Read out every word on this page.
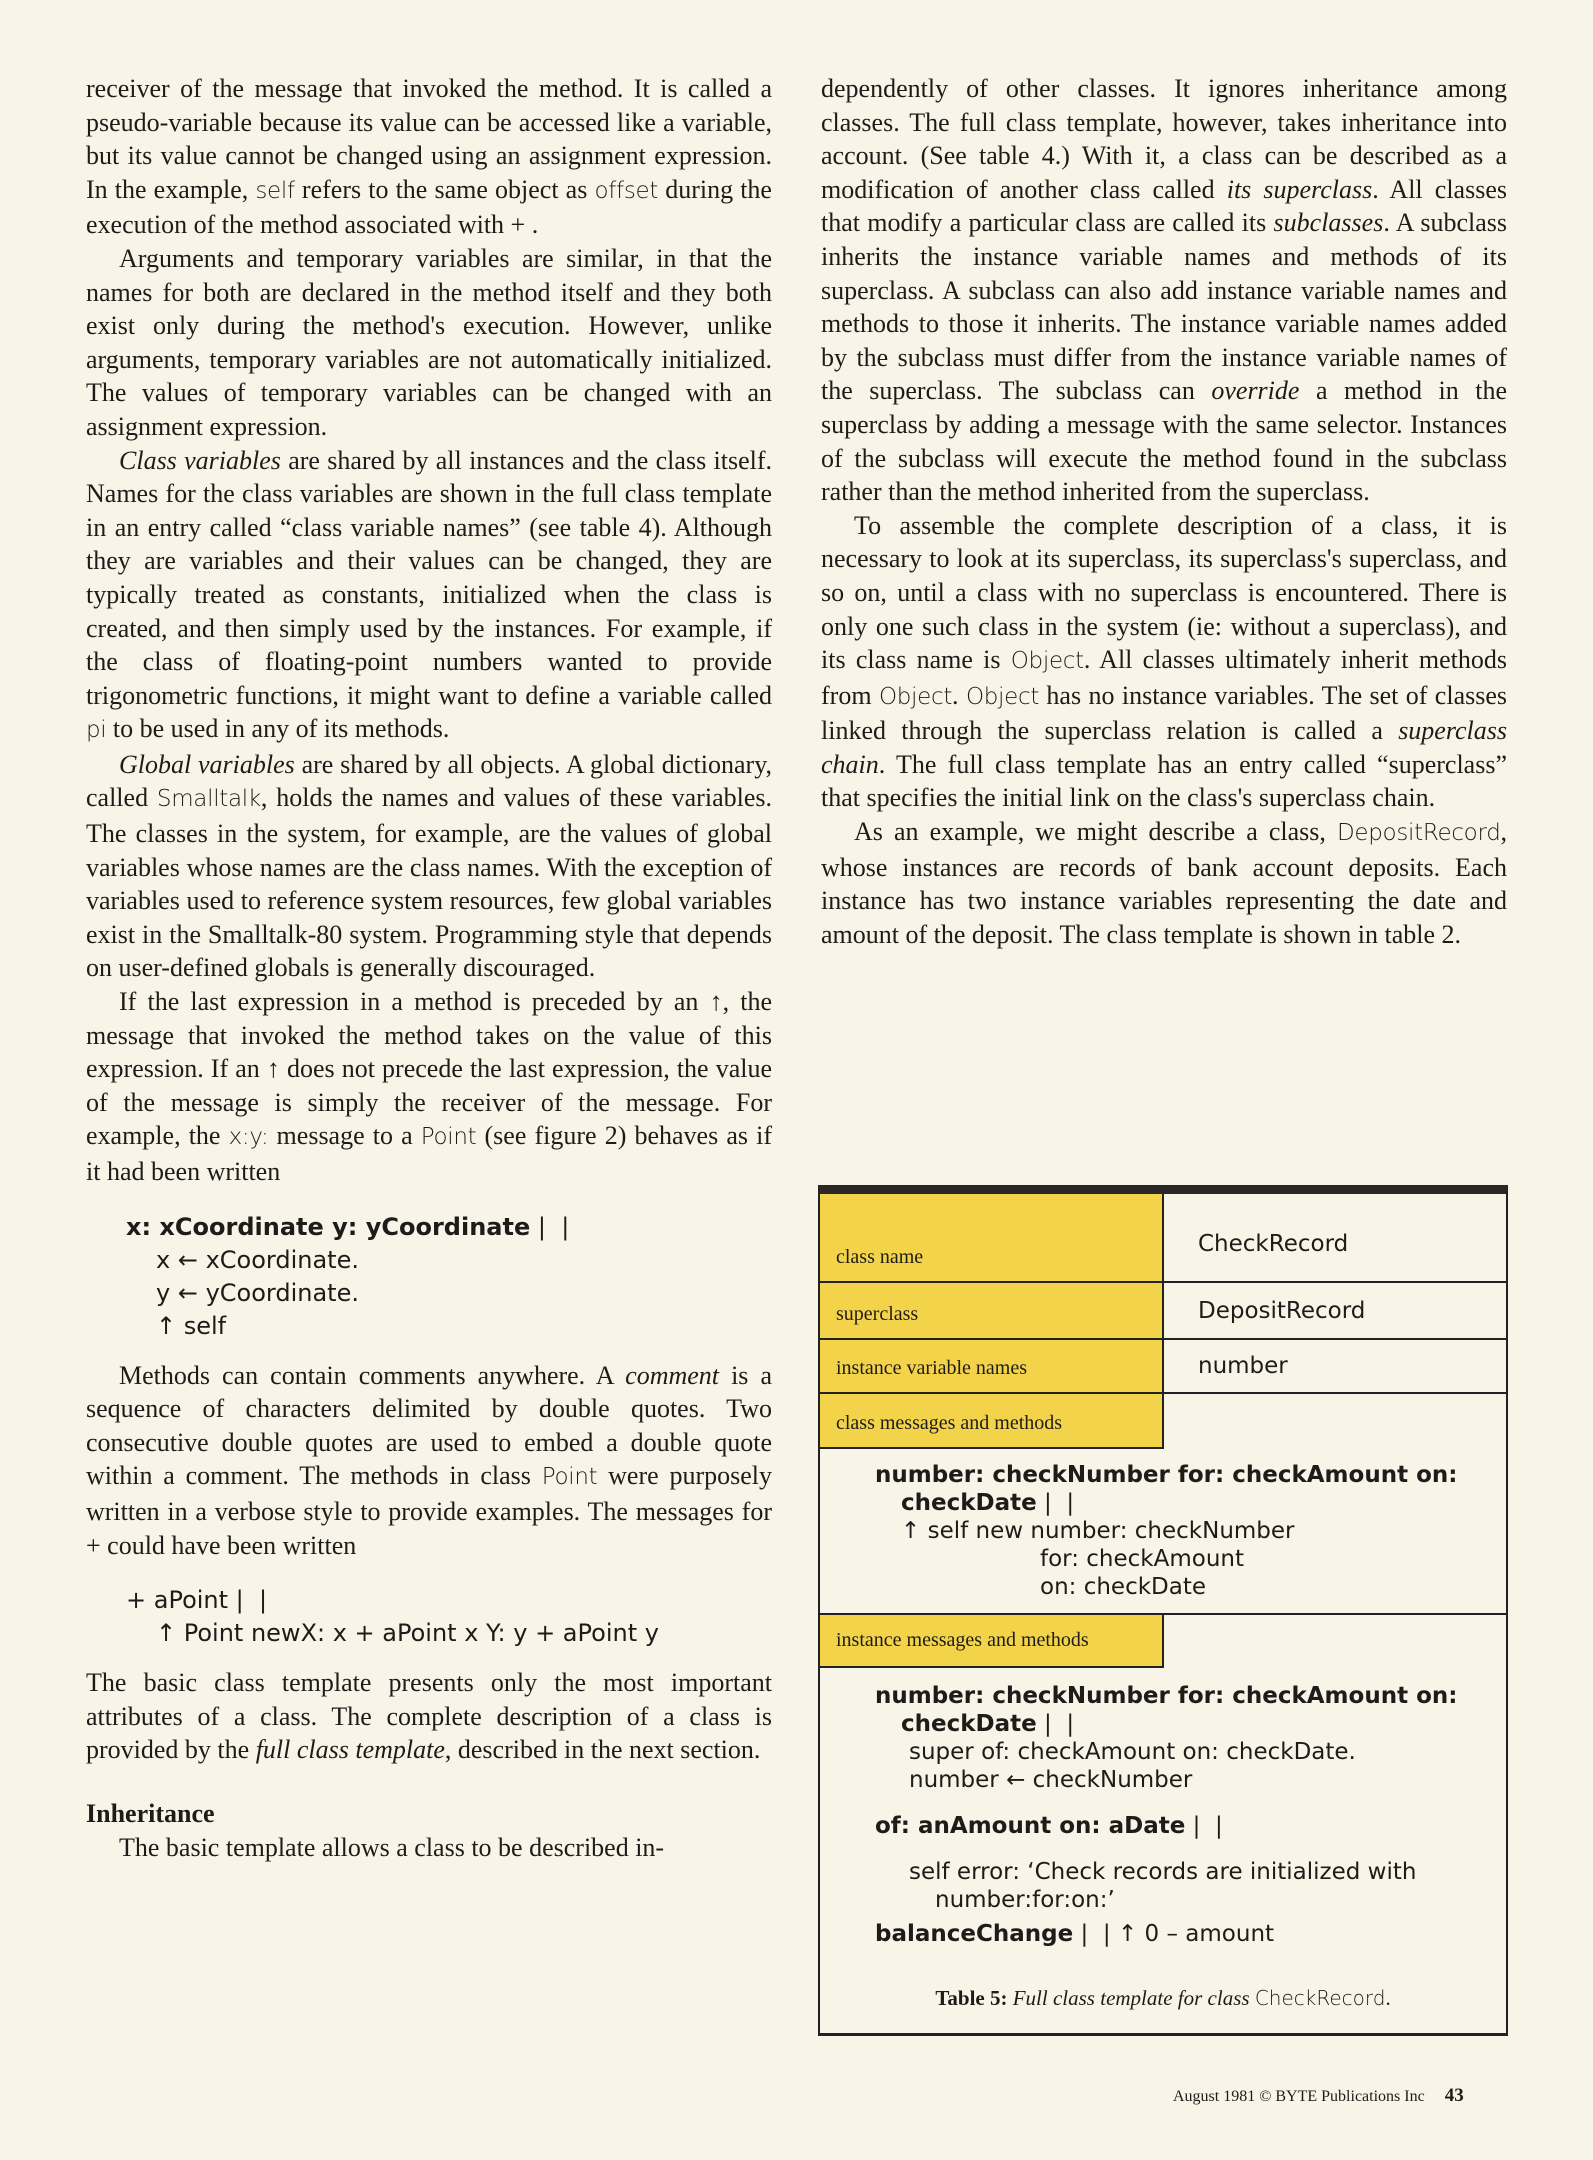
receiver of the message that invoked the method. It is called a pseudo-variable because its value can be accessed like a variable, but its value cannot be changed using an assignment expression. In the example, self refers to the same object as offset during the execution of the method associated with + .

Arguments and temporary variables are similar, in that the names for both are declared in the method itself and they both exist only during the method's execution. However, unlike arguments, temporary variables are not automatically initialized. The values of temporary variables can be changed with an assignment expression.

Class variables are shared by all instances and the class itself. Names for the class variables are shown in the full class template in an entry called “class variable names” (see table 4). Although they are variables and their values can be changed, they are typically treated as constants, initialized when the class is created, and then simply used by the instances. For example, if the class of floating-point numbers wanted to provide trigonometric functions, it might want to define a variable called pi to be used in any of its methods.

Global variables are shared by all objects. A global dictionary, called Smalltalk, holds the names and values of these variables. The classes in the system, for example, are the values of global variables whose names are the class names. With the exception of variables used to reference system resources, few global variables exist in the Smalltalk-80 system. Programming style that depends on user-defined globals is generally discouraged.

If the last expression in a method is preceded by an ↑, the message that invoked the method takes on the value of this expression. If an ↑ does not precede the last expression, the value of the message is simply the receiver of the message. For example, the x:y: message to a Point (see figure 2) behaves as if it had been written

x: xCoordinate y: yCoordinate |  |
x ← xCoordinate.
y ← yCoordinate.
↑ self

Methods can contain comments anywhere. A comment is a sequence of characters delimited by double quotes. Two consecutive double quotes are used to embed a double quote within a comment. The methods in class Point were purposely written in a verbose style to provide examples. The messages for + could have been written

+ aPoint |  |
↑ Point newX: x + aPoint x Y: y + aPoint y

The basic class template presents only the most important attributes of a class. The complete description of a class is provided by the full class template, described in the next section.

Inheritance

The basic template allows a class to be described in-

dependently of other classes. It ignores inheritance among classes. The full class template, however, takes inheritance into account. (See table 4.) With it, a class can be described as a modification of another class called its superclass. All classes that modify a particular class are called its subclasses. A subclass inherits the instance variable names and methods of its superclass. A subclass can also add instance variable names and methods to those it inherits. The instance variable names added by the subclass must differ from the instance variable names of the superclass. The subclass can override a method in the superclass by adding a message with the same selector. Instances of the subclass will execute the method found in the subclass rather than the method inherited from the superclass.

To assemble the complete description of a class, it is necessary to look at its superclass, its superclass's superclass, and so on, until a class with no superclass is encountered. There is only one such class in the system (ie: without a superclass), and its class name is Object. All classes ultimately inherit methods from Object. Object has no instance variables. The set of classes linked through the superclass relation is called a superclass chain. The full class template has an entry called “superclass” that specifies the initial link on the class's superclass chain.

As an example, we might describe a class, DepositRecord, whose instances are records of bank account deposits. Each instance has two instance variables representing the date and amount of the deposit. The class template is shown in table 2.

class name
CheckRecord
superclass	DepositRecord
instance variable names	number
class messages and methods
number: checkNumber for: checkAmount on:
checkDate |  |
↑ self new number: checkNumber
for: checkAmount
on: checkDate
instance messages and methods
number: checkNumber for: checkAmount on:
checkDate |  |
super of: checkAmount on: checkDate.
number ← checkNumber
of: anAmount on: aDate |  |
self error: ‘Check records are initialized with
number:for:on:’
balanceChange |  | ↑ 0 – amount
Table 5: Full class template for class CheckRecord.
August 1981 © BYTE Publications Inc 43
